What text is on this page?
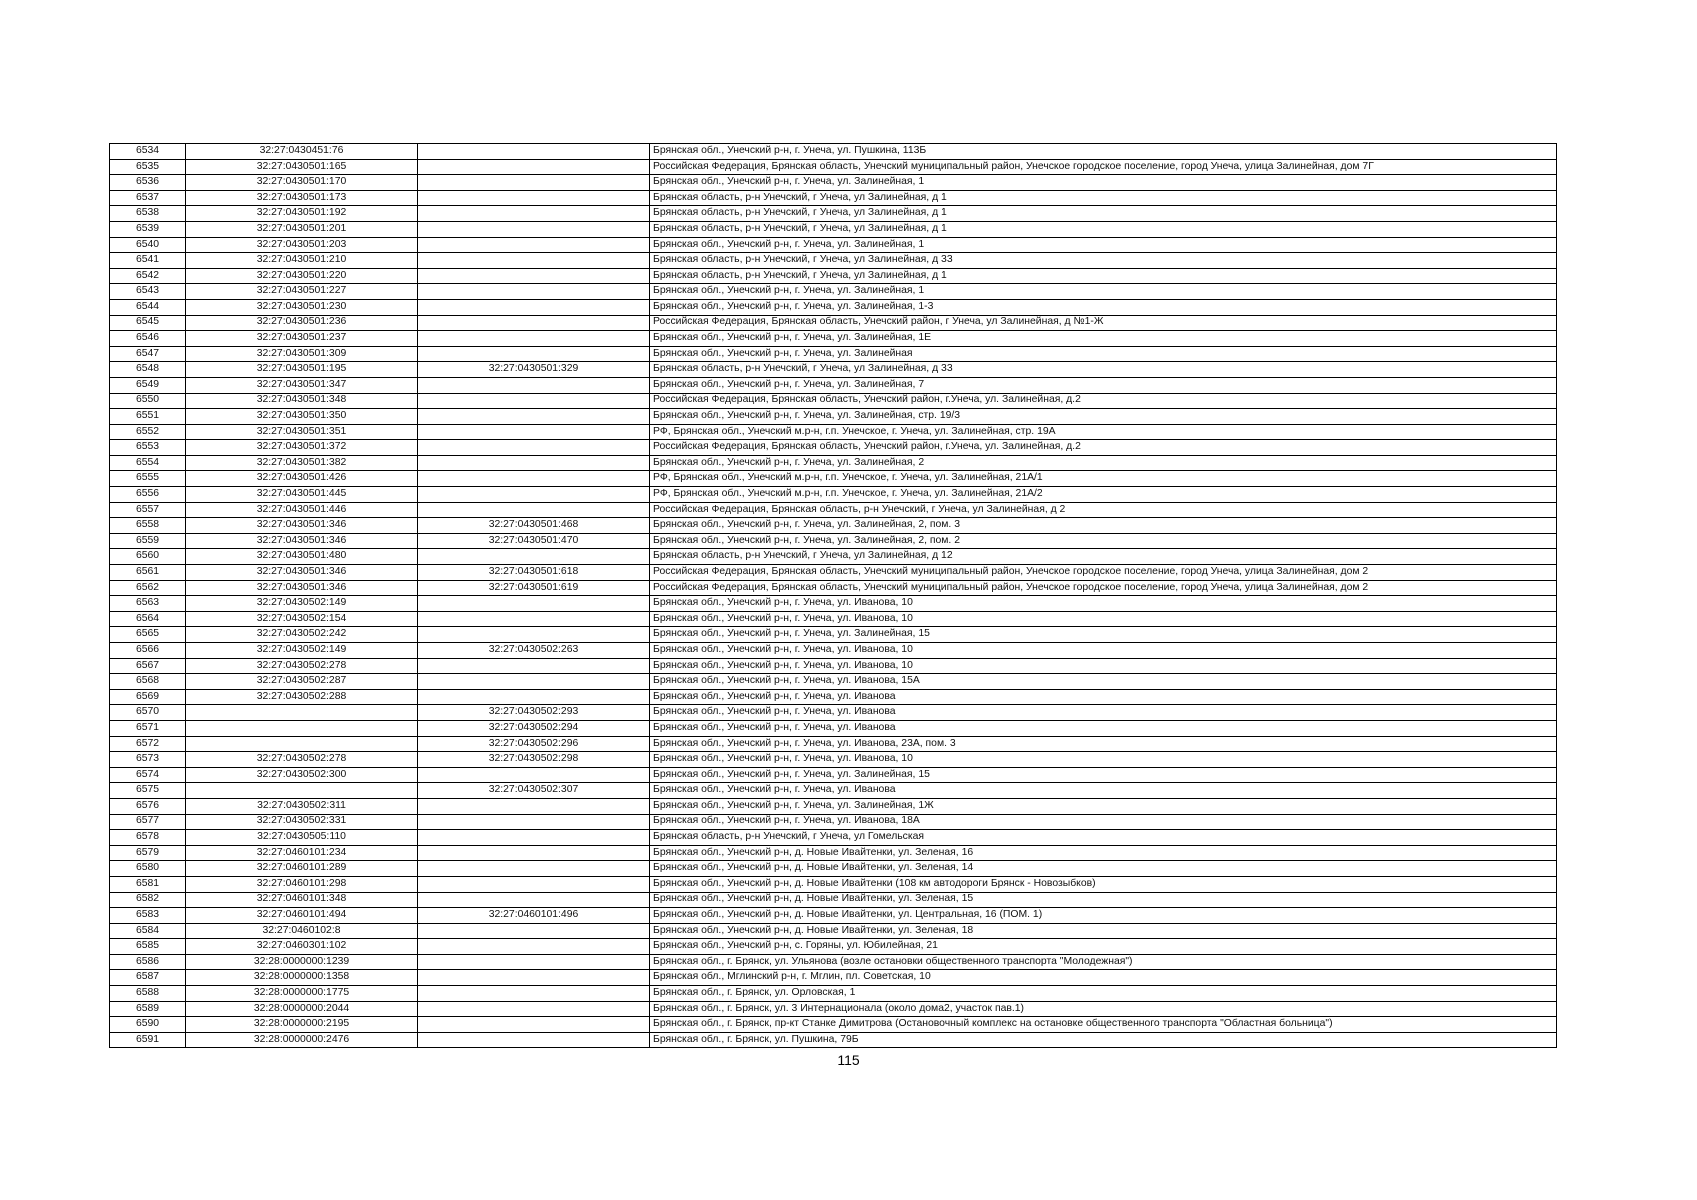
6534	32:27:0430451:76		Брянская обл., Унечский р-н, г. Унеча, ул. Пушкина, 113Б
6535	32:27:0430501:165		Российская Федерация, Брянская область, Унечский муниципальный район, Унечское городское поселение, город Унеча, улица Залинейная, дом 7Г
6536	32:27:0430501:170		Брянская обл., Унечский р-н, г. Унеча, ул. Залинейная, 1
6537	32:27:0430501:173		Брянская область, р-н Унечский, г Унеча, ул Залинейная, д 1
6538	32:27:0430501:192		Брянская область, р-н Унечский, г Унеча, ул Залинейная, д 1
6539	32:27:0430501:201		Брянская область, р-н Унечский, г Унеча, ул Залинейная, д 1
6540	32:27:0430501:203		Брянская обл., Унечский р-н, г. Унеча, ул. Залинейная, 1
6541	32:27:0430501:210		Брянская область, р-н Унечский, г Унеча, ул Залинейная, д 33
6542	32:27:0430501:220		Брянская область, р-н Унечский, г Унеча, ул Залинейная, д 1
6543	32:27:0430501:227		Брянская обл., Унечский р-н, г. Унеча, ул. Залинейная, 1
6544	32:27:0430501:230		Брянская обл., Унечский р-н, г. Унеча, ул. Залинейная, 1-3
6545	32:27:0430501:236		Российская Федерация, Брянская область, Унечский район, г Унеча, ул Залинейная, д №1-Ж
6546	32:27:0430501:237		Брянская обл., Унечский р-н, г. Унеча, ул. Залинейная, 1Е
6547	32:27:0430501:309		Брянская обл., Унечский р-н, г. Унеча, ул. Залинейная
6548	32:27:0430501:195	32:27:0430501:329	Брянская область, р-н Унечский, г Унеча, ул Залинейная, д 33
6549	32:27:0430501:347		Брянская обл., Унечский р-н, г. Унеча, ул. Залинейная, 7
6550	32:27:0430501:348		Российская Федерация, Брянская область, Унечский район, г.Унеча, ул. Залинейная, д.2
6551	32:27:0430501:350		Брянская обл., Унечский р-н, г. Унеча, ул. Залинейная, стр. 19/3
6552	32:27:0430501:351		РФ, Брянская обл., Унечский м.р-н, г.п. Унечское, г. Унеча, ул. Залинейная, стр. 19А
6553	32:27:0430501:372		Российская Федерация, Брянская область, Унечский район, г.Унеча, ул. Залинейная, д.2
6554	32:27:0430501:382		Брянская обл., Унечский р-н, г. Унеча, ул. Залинейная, 2
6555	32:27:0430501:426		РФ, Брянская обл., Унечский м.р-н, г.п. Унечское, г. Унеча, ул. Залинейная, 21А/1
6556	32:27:0430501:445		РФ, Брянская обл., Унечский м.р-н, г.п. Унечское, г. Унеча, ул. Залинейная, 21А/2
6557	32:27:0430501:446		Российская Федерация, Брянская область, р-н Унечский, г Унеча, ул Залинейная, д 2
6558	32:27:0430501:346	32:27:0430501:468	Брянская обл., Унечский р-н, г. Унеча, ул. Залинейная, 2, пом. 3
6559	32:27:0430501:346	32:27:0430501:470	Брянская обл., Унечский р-н, г. Унеча, ул. Залинейная, 2, пом. 2
6560	32:27:0430501:480		Брянская область, р-н Унечский, г Унеча, ул Залинейная, д 12
6561	32:27:0430501:346	32:27:0430501:618	Российская Федерация, Брянская область, Унечский муниципальный район, Унечское городское поселение, город Унеча, улица Залинейная, дом 2
6562	32:27:0430501:346	32:27:0430501:619	Российская Федерация, Брянская область, Унечский муниципальный район, Унечское городское поселение, город Унеча, улица Залинейная, дом 2
6563	32:27:0430502:149		Брянская обл., Унечский р-н, г. Унеча, ул. Иванова, 10
6564	32:27:0430502:154		Брянская обл., Унечский р-н, г. Унеча, ул. Иванова, 10
6565	32:27:0430502:242		Брянская обл., Унечский р-н, г. Унеча, ул. Залинейная, 15
6566	32:27:0430502:149	32:27:0430502:263	Брянская обл., Унечский р-н, г. Унеча, ул. Иванова, 10
6567	32:27:0430502:278		Брянская обл., Унечский р-н, г. Унеча, ул. Иванова, 10
6568	32:27:0430502:287		Брянская обл., Унечский р-н, г. Унеча, ул. Иванова, 15А
6569	32:27:0430502:288		Брянская обл., Унечский р-н, г. Унеча, ул. Иванова
6570		32:27:0430502:293	Брянская обл., Унечский р-н, г. Унеча, ул. Иванова
6571		32:27:0430502:294	Брянская обл., Унечский р-н, г. Унеча, ул. Иванова
6572		32:27:0430502:296	Брянская обл., Унечский р-н, г. Унеча, ул. Иванова, 23А, пом. 3
6573	32:27:0430502:278	32:27:0430502:298	Брянская обл., Унечский р-н, г. Унеча, ул. Иванова, 10
6574	32:27:0430502:300		Брянская обл., Унечский р-н, г. Унеча, ул. Залинейная, 15
6575		32:27:0430502:307	Брянская обл., Унечский р-н, г. Унеча, ул. Иванова
6576	32:27:0430502:311		Брянская обл., Унечский р-н, г. Унеча, ул. Залинейная, 1Ж
6577	32:27:0430502:331		Брянская обл., Унечский р-н, г. Унеча, ул. Иванова, 18А
6578	32:27:0430505:110		Брянская область, р-н Унечский, г Унеча, ул Гомельская
6579	32:27:0460101:234		Брянская обл., Унечский р-н, д. Новые Ивайтенки, ул. Зеленая, 16
6580	32:27:0460101:289		Брянская обл., Унечский р-н, д. Новые Ивайтенки, ул. Зеленая, 14
6581	32:27:0460101:298		Брянская обл., Унечский р-н, д. Новые Ивайтенки (108 км автодороги Брянск - Новозыбков)
6582	32:27:0460101:348		Брянская обл., Унечский р-н, д. Новые Ивайтенки, ул. Зеленая, 15
6583	32:27:0460101:494	32:27:0460101:496	Брянская обл., Унечский р-н, д. Новые Ивайтенки, ул. Центральная, 16 (ПОМ. 1)
6584	32:27:0460102:8		Брянская обл., Унечский р-н, д. Новые Ивайтенки, ул. Зеленая, 18
6585	32:27:0460301:102		Брянская обл., Унечский р-н, с. Горяны, ул. Юбилейная, 21
6586	32:28:0000000:1239		Брянская обл., г. Брянск, ул. Ульянова (возле остановки общественного транспорта "Молодежная")
6587	32:28:0000000:1358		Брянская обл., Мглинский р-н, г. Мглин, пл. Советская, 10
6588	32:28:0000000:1775		Брянская обл., г. Брянск, ул. Орловская, 1
6589	32:28:0000000:2044		Брянская обл., г. Брянск, ул. 3 Интернационала (около дома2, участок пав.1)
6590	32:28:0000000:2195		Брянская обл., г. Брянск, пр-кт Станке Димитрова (Остановочный комплекс на остановке общественного транспорта "Областная больница")
6591	32:28:0000000:2476		Брянская обл., г. Брянск, ул. Пушкина, 79Б
115
